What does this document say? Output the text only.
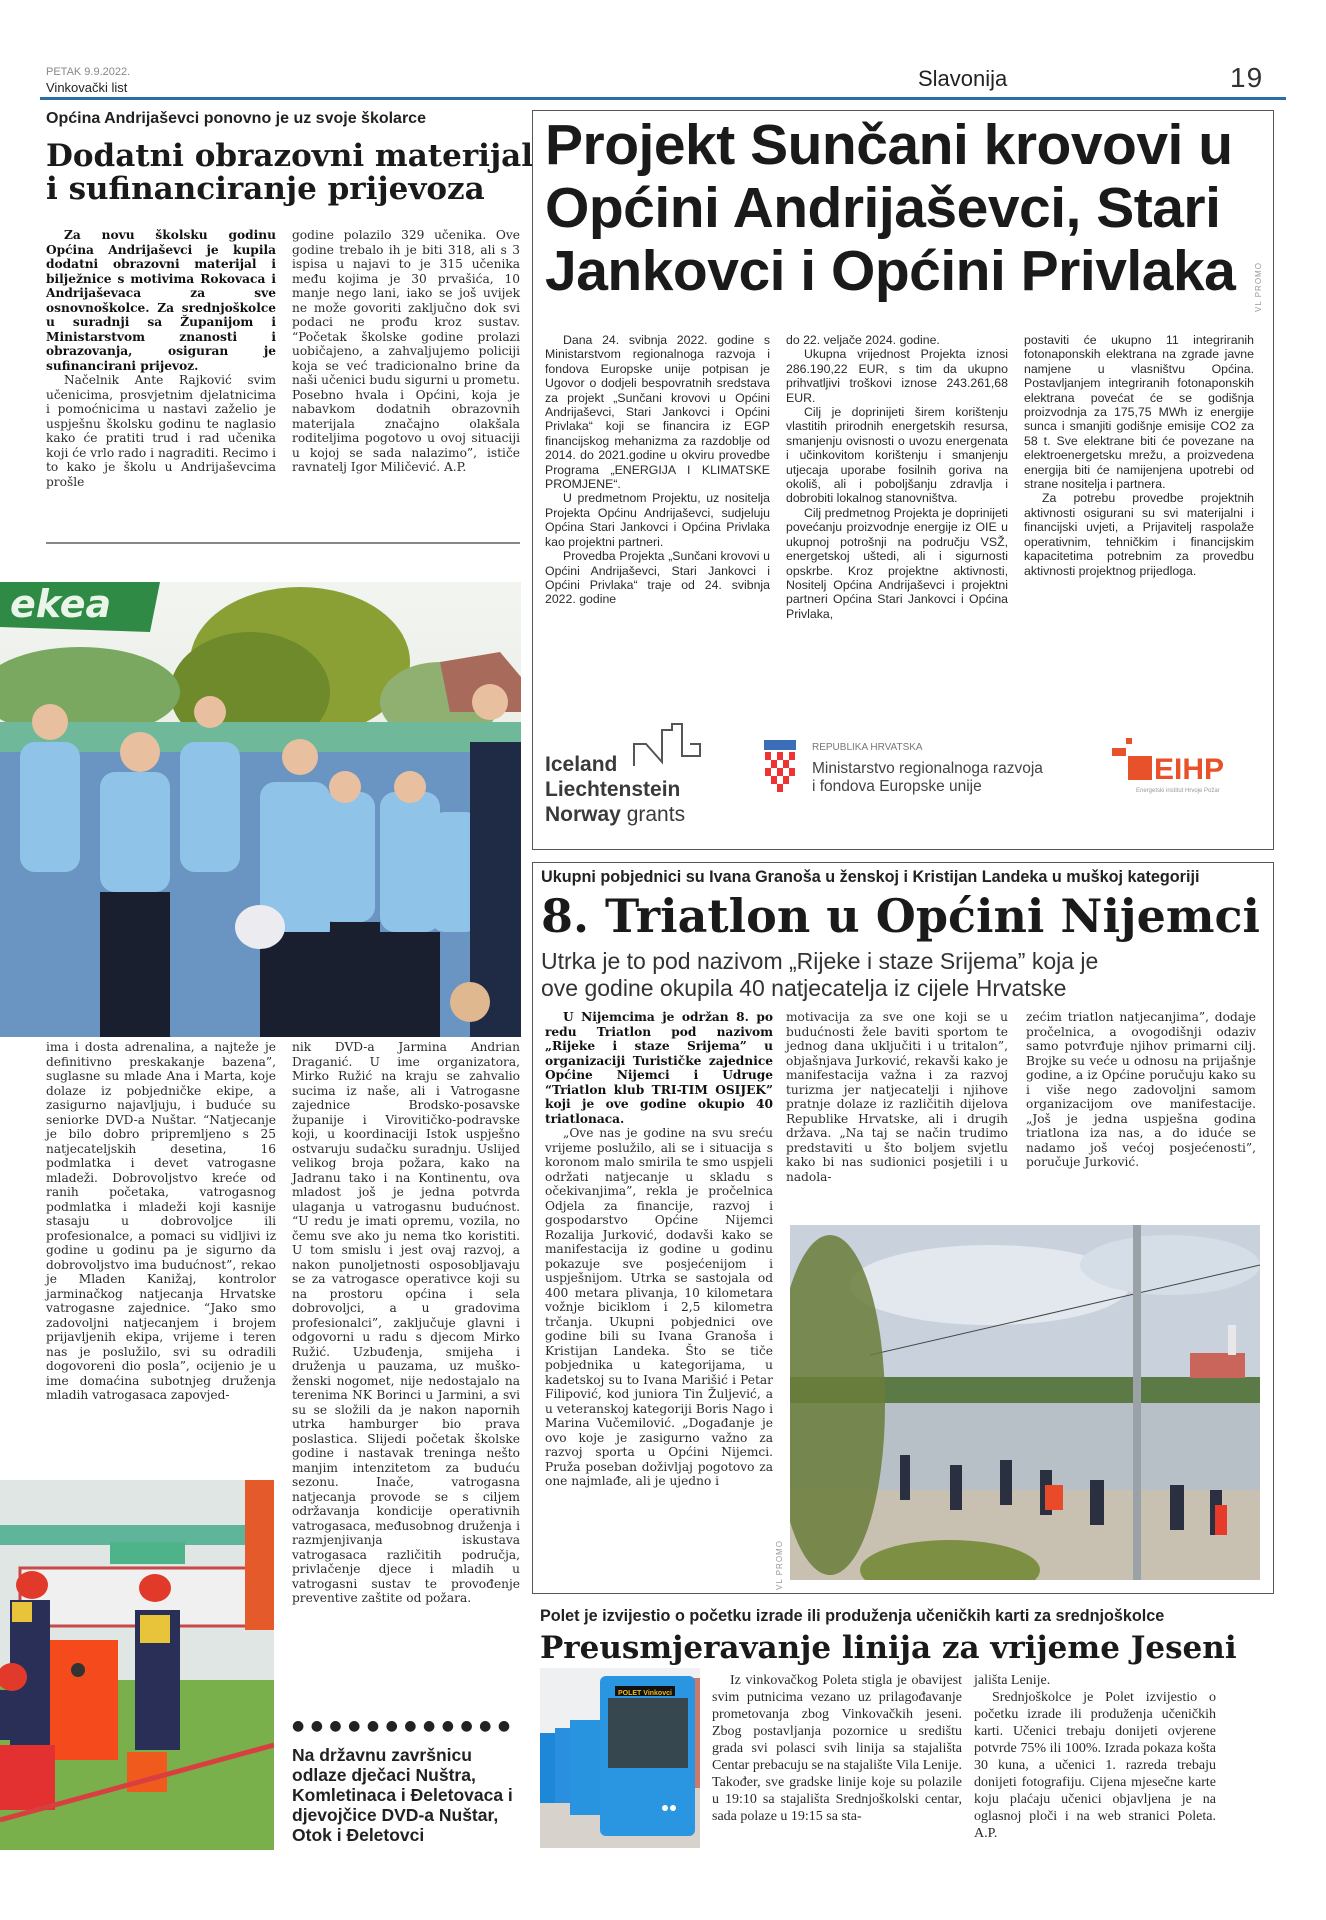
PETAK 9.9.2022.
Vinkovački list	Slavonija	19
Općina Andrijaševci ponovno je uz svoje školarce
Dodatni obrazovni materijal
i sufinanciranje prijevoza

Za novu školsku godinu Općina Andrijaševci je kupila dodatni obrazovni materijal i bilježnice s motivima Rokovaca i Andrijaševaca za sve osnovnoškolce. Za srednjoškolce u suradnji sa Županijom i Ministarstvom znanosti i obrazovanja, osiguran je sufinancirani prijevoz.

Načelnik Ante Rajković svim učenicima, prosvjetnim djelatnicima i pomoćnicima u nastavi zaželio je uspješnu školsku godinu te naglasio kako će pratiti trud i rad učenika koji će vrlo rado i nagraditi. Recimo i to kako je školu u Andrijaševcima prošle

godine polazilo 329 učenika. Ove godine trebalo ih je biti 318, ali s 3 ispisa u najavi to je 315 učenika među kojima je 30 prvašića, 10 manje nego lani, iako se još uvijek ne može govoriti zaključno dok svi podaci ne prođu kroz sustav. “Početak školske godine prolazi uobičajeno, a zahvaljujemo policiji koja se već tradicionalno brine da naši učenici budu sigurni u prometu. Posebno hvala i Općini, koja je nabavkom dodatnih obrazovnih materijala značajno olakšala roditeljima pogotovo u ovoj situaciji u kojoj se sada nalazimo”, ističe ravnatelj Igor Miličević. A.P.

ekea

ima i dosta adrenalina, a najteže je definitivno preskakanje bazena”, suglasne su mlade Ana i Marta, koje dolaze iz pobjedničke ekipe, a zasigurno najavljuju, i buduće su seniorke DVD-a Nuštar. “Natjecanje je bilo dobro pripremljeno s 25 natjecateljskih desetina, 16 podmlatka i devet vatrogasne mladeži. Dobrovoljstvo kreće od ranih početaka, vatrogasnog podmlatka i mladeži koji kasnije stasaju u dobrovoljce ili profesionalce, a pomaci su vidljivi iz godine u godinu pa je sigurno da dobrovoljstvo ima budućnost”, rekao je Mladen Kanižaj, kontrolor jarminačkog natjecanja Hrvatske vatrogasne zajednice. “Jako smo zadovoljni natjecanjem i brojem prijavljenih ekipa, vrijeme i teren nas je poslužilo, svi su odradili dogovoreni dio posla”, ocijenio je u ime domaćina subotnjeg druženja mladih vatrogasaca zapovjed-

nik DVD-a Jarmina Andrian Draganić. U ime organizatora, Mirko Ružić na kraju se zahvalio sucima iz naše, ali i Vatrogasne zajednice Brodsko-posavske županije i Virovitičko-podravske koji, u koordinaciji Istok uspješno ostvaruju sudačku suradnju. Uslijed velikog broja požara, kako na Jadranu tako i na Kontinentu, ova mladost još je jedna potvrda ulaganja u vatrogasnu budućnost. “U redu je imati opremu, vozila, no čemu sve ako ju nema tko koristiti. U tom smislu i jest ovaj razvoj, a nakon punoljetnosti osposobljavaju se za vatrogasce operativce koji su na prostoru općina i sela dobrovoljci, a u gradovima profesionalci”, zaključuje glavni i odgovorni u radu s djecom Mirko Ružić. Uzbuđenja, smijeha i druženja u pauzama, uz muško-ženski nogomet, nije nedostajalo na terenima NK Borinci u Jarmini, a svi su se složili da je nakon napornih utrka hamburger bio prava poslastica. Slijedi početak školske godine i nastavak treninga nešto manjim intenzitetom za buduću sezonu. Inače, vatrogasna natjecanja provode se s ciljem održavanja kondicije operativnih vatrogasaca, međusobnog druženja i razmjenjivanja iskustava vatrogasaca različitih područja, privlačenje djece i mladih u vatrogasni sustav te provođenje preventive zaštite od požara.

●●●●●●●●●●●●
Na državnu završnicu odlaze dječaci Nuštra, Komletinaca i Đeletovaca i djevojčice DVD-a Nuštar, Otok i Đeletovci
Projekt Sunčani krovovi u Općini Andrijaševci, Stari Jankovci i Općini Privlaka	VL PROMO

Dana 24. svibnja 2022. godine s Ministarstvom regionalnoga razvoja i fondova Europske unije potpisan je Ugovor o dodjeli bespovratnih sredstava za projekt „Sunčani krovovi u Općini Andrijaševci, Stari Jankovci i Općini Privlaka“ koji se financira iz EGP financijskog mehanizma za razdoblje od 2014. do 2021.godine u okviru provedbe Programa „ENERGIJA I KLIMATSKE PROMJENE“.

U predmetnom Projektu, uz nositelja Projekta Općinu Andrijaševci, sudjeluju Općina Stari Jankovci i Općina Privlaka kao projektni partneri.

Provedba Projekta „Sunčani krovovi u Općini Andrijaševci, Stari Jankovci i Općini Privlaka“ traje od 24. svibnja 2022. godine

do 22. veljače 2024. godine.

Ukupna vrijednost Projekta iznosi 286.190,22 EUR, s tim da ukupno prihvatljivi troškovi iznose 243.261,68 EUR.

Cilj je doprinijeti širem korištenju vlastitih prirodnih energetskih resursa, smanjenju ovisnosti o uvozu energenata i učinkovitom korištenju i smanjenju utjecaja uporabe fosilnih goriva na okoliš, ali i poboljšanju zdravlja i dobrobiti lokalnog stanovništva.

Cilj predmetnog Projekta je doprinijeti povećanju proizvodnje energije iz OIE u ukupnoj potrošnji na području VSŽ, energetskoj uštedi, ali i sigurnosti opskrbe. Kroz projektne aktivnosti, Nositelj Općina Andrijaševci i projektni partneri Općina Stari Jankovci i Općina Privlaka,

postaviti će ukupno 11 integriranih fotonaponskih elektrana na zgrade javne namjene u vlasništvu Općina. Postavljanjem integriranih fotonaponskih elektrana povećat će se godišnja proizvodnja za 175,75 MWh iz energije sunca i smanjiti godišnje emisije CO2 za 58 t. Sve elektrane biti će povezane na elektroenergetsku mrežu, a proizvedena energija biti će namijenjena upotrebi od strane nositelja i partnera.

Za potrebu provedbe projektnih aktivnosti osigurani su svi materijalni i financijski uvjeti, a Prijavitelj raspolaže operativnim, tehničkim i financijskim kapacitetima potrebnim za provedbu aktivnosti projektnog prijedloga.

Iceland
Liechtenstein
Norway grants
REPUBLIKA HRVATSKA
Ministarstvo regionalnoga razvoja
i fondova Europske unije
EIHP
Energetski institut Hrvoje Požar
Ukupni pobjednici su Ivana Granoša u ženskoj i Kristijan Landeka u muškoj kategoriji
8. Triatlon u Općini Nijemci
Utrka je to pod nazivom „Rijeke i staze Srijema” koja je
ove godine okupila 40 natjecatelja iz cijele Hrvatske

U Nijemcima je održan 8. po redu Triatlon pod nazivom „Rijeke i staze Srijema” u organizaciji Turističke zajednice Općine Nijemci i Udruge “Triatlon klub TRI-TIM OSIJEK” koji je ove godine okupio 40 triatlonaca.

„Ove nas je godine na svu sreću vrijeme poslužilo, ali se i situacija s koronom malo smirila te smo uspjeli održati natjecanje u skladu s očekivanjima”, rekla je pročelnica Odjela za financije, razvoj i gospodarstvo Općine Nijemci Rozalija Jurković, dodavši kako se manifestacija iz godine u godinu pokazuje sve posjećenijom i uspješnijom. Utrka se sastojala od 400 metara plivanja, 10 kilometara vožnje biciklom i 2,5 kilometra trčanja. Ukupni pobjednici ove godine bili su Ivana Granoša i Kristijan Landeka. Što se tiče pobjednika u kategorijama, u kadetskoj su to Ivana Marišić i Petar Filipović, kod juniora Tin Žuljević, a u veteranskoj kategoriji Boris Nago i Marina Vučemilović. „Događanje je ovo koje je zasigurno važno za razvoj sporta u Općini Nijemci. Pruža poseban doživljaj pogotovo za one najmlađe, ali je ujedno i

VL PROMO

motivacija za sve one koji se u budućnosti žele baviti sportom te jednog dana uključiti i u tritalon”, objašnjava Jurković, rekavši kako je manifestacija važna i za razvoj turizma jer natjecatelji i njihove pratnje dolaze iz različitih dijelova Republike Hrvatske, ali i drugih država. „Na taj se način trudimo predstaviti u što boljem svjetlu kako bi nas sudionici posjetili i u nadola-

zećim triatlon natjecanjima”, dodaje pročelnica, a ovogodišnji odaziv samo potvrđuje njihov primarni cilj. Brojke su veće u odnosu na prijašnje godine, a iz Općine poručuju kako su i više nego zadovoljni samom organizacijom ove manifestacije. „Još je jedna uspješna godina triatlona iza nas, a do iduće se nadamo još većoj posjećenosti”, poručuje Jurković.

Polet je izvijestio o početku izrade ili produženja učeničkih karti za srednjoškolce
Preusmjeravanje linija za vrijeme Jeseni
POLET Vinkovci

Iz vinkovačkog Poleta stigla je obavijest svim putnicima vezano uz prilagođavanje prometovanja zbog Vinkovačkih jeseni. Zbog postavljanja pozornice u središtu grada svi polasci svih linija sa stajališta Centar prebacuju se na stajalište Vila Lenije. Također, sve gradske linije koje su polazile u 19:10 sa stajališta Srednjoškolski centar, sada polaze u 19:15 sa sta-

jališta Lenije.

Srednjoškolce je Polet izvijestio o početku izrade ili produženja učeničkih karti. Učenici trebaju donijeti ovjerene potvrde 75% ili 100%. Izrada pokaza košta 30 kuna, a učenici 1. razreda trebaju donijeti fotografiju. Cijena mjesečne karte koju plaćaju učenici objavljena je na oglasnoj ploči i na web stranici Poleta. A.P.
